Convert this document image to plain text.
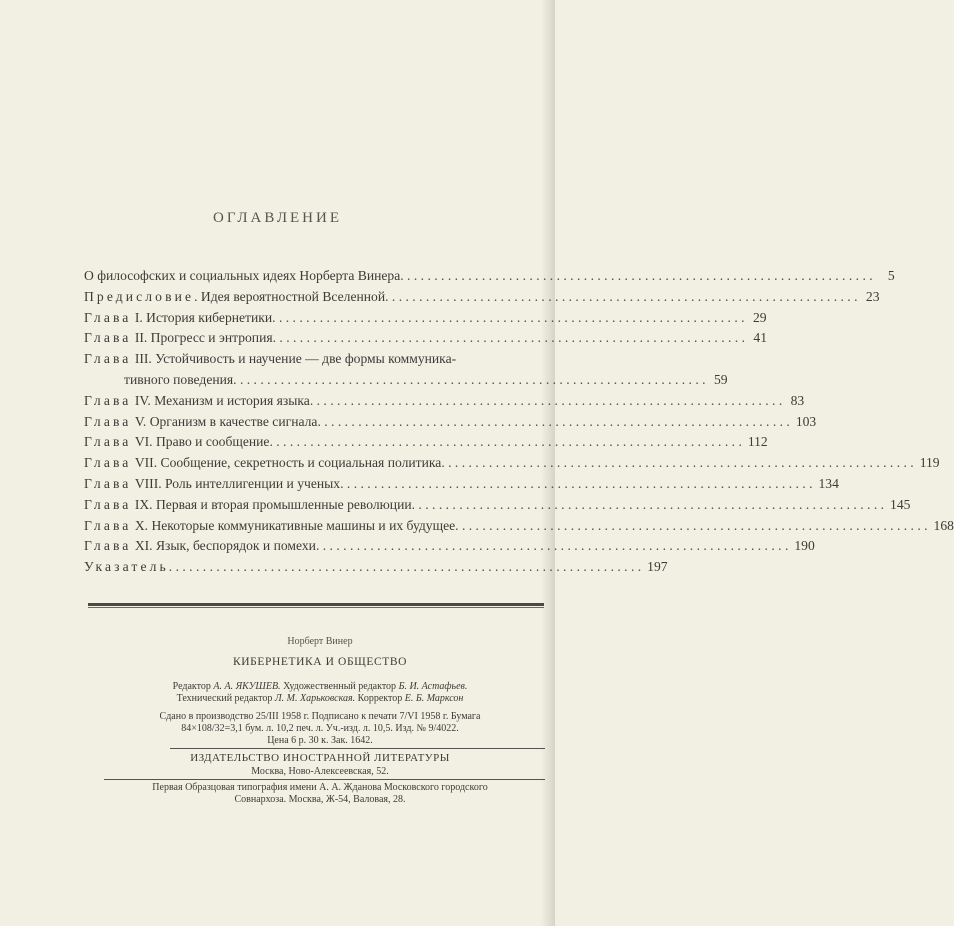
ОГЛАВЛЕНИЕ
О философских и социальных идеях Норберта Винера . . .	5
Предисловие. Идея вероятностной Вселенной . . .	23
Глава I. История кибернетики . . .	29
Глава II. Прогресс и энтропия . . .	41
Глава III. Устойчивость и научение — две формы коммуника-
тивного поведения . . .	59
Глава IV. Механизм и история языка . . .	83
Глава V. Организм в качестве сигнала . . .	103
Глава VI. Право и сообщение . . .	112
Глава VII. Сообщение, секретность и социальная политика . . .	119
Глава VIII. Роль интеллигенции и ученых . . .	134
Глава IX. Первая и вторая промышленные революции . . .	145
Глава X. Некоторые коммуникативные машины и их будущее . . .	168
Глава XI. Язык, беспорядок и помехи . . .	190
Указатель . . .	197
Норберт Винер
КИБЕРНЕТИКА И ОБЩЕСТВО
Редактор А. А. ЯКУШЕВ. Художественный редактор Б. И. Астафьев.
Технический редактор Л. М. Харьковская. Корректор Е. Б. Марксон
Сдано в производство 25/III 1958 г. Подписано к печати 7/VI 1958 г. Бумага
84×108/32=3,1 бум. л. 10,2 печ. л. Уч.-изд. л. 10,5. Изд. № 9/4022.
Цена 6 р. 30 к. Зак. 1642.
ИЗДАТЕЛЬСТВО ИНОСТРАННОЙ ЛИТЕРАТУРЫ
Москва, Ново-Алексеевская, 52.
Первая Образцовая типография имени А. А. Жданова Московского городского
Совнархоза. Москва, Ж-54, Валовая, 28.
